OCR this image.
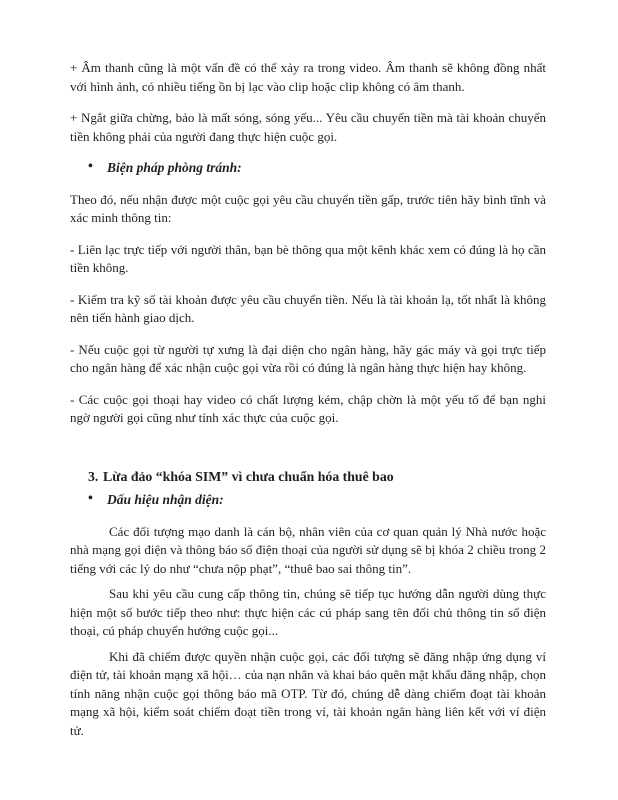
+ Âm thanh cũng là một vấn đề có thể xảy ra trong video. Âm thanh sẽ không đồng nhất với hình ảnh, có nhiều tiếng ồn bị lạc vào clip hoặc clip không có âm thanh.

+ Ngắt giữa chừng, bảo là mất sóng, sóng yếu... Yêu cầu chuyển tiền mà tài khoản chuyển tiền không phải của người đang thực hiện cuộc gọi.

• Biện pháp phòng tránh:

Theo đó, nếu nhận được một cuộc gọi yêu cầu chuyển tiền gấp, trước tiên hãy bình tĩnh và xác minh thông tin:

- Liên lạc trực tiếp với người thân, bạn bè thông qua một kênh khác xem có đúng là họ cần tiền không.

- Kiểm tra kỹ số tài khoản được yêu cầu chuyển tiền. Nếu là tài khoản lạ, tốt nhất là không nên tiến hành giao dịch.

- Nếu cuộc gọi từ người tự xưng là đại diện cho ngân hàng, hãy gác máy và gọi trực tiếp cho ngân hàng để xác nhận cuộc gọi vừa rồi có đúng là ngân hàng thực hiện hay không.

- Các cuộc gọi thoại hay video có chất lượng kém, chập chờn là một yếu tố để bạn nghi ngờ người gọi cũng như tính xác thực của cuộc gọi.

3. Lừa đảo “khóa SIM” vì chưa chuẩn hóa thuê bao
• Dấu hiệu nhận diện:

Các đối tượng mạo danh là cán bộ, nhân viên của cơ quan quản lý Nhà nước hoặc nhà mạng gọi điện và thông báo số điện thoại của người sử dụng sẽ bị khóa 2 chiều trong 2 tiếng với các lý do như “chưa nộp phạt”, “thuê bao sai thông tin”.

Sau khi yêu cầu cung cấp thông tin, chúng sẽ tiếp tục hướng dẫn người dùng thực hiện một số bước tiếp theo như: thực hiện các cú pháp sang tên đổi chủ thông tin số điện thoại, cú pháp chuyển hướng cuộc gọi...

Khi đã chiếm được quyền nhận cuộc gọi, các đối tượng sẽ đăng nhập ứng dụng ví điện tử, tài khoản mạng xã hội… của nạn nhân và khai báo quên mật khẩu đăng nhập, chọn tính năng nhận cuộc gọi thông báo mã OTP. Từ đó, chúng dễ dàng chiếm đoạt tài khoản mạng xã hội, kiểm soát chiếm đoạt tiền trong ví, tài khoản ngân hàng liên kết với ví điện tử.
